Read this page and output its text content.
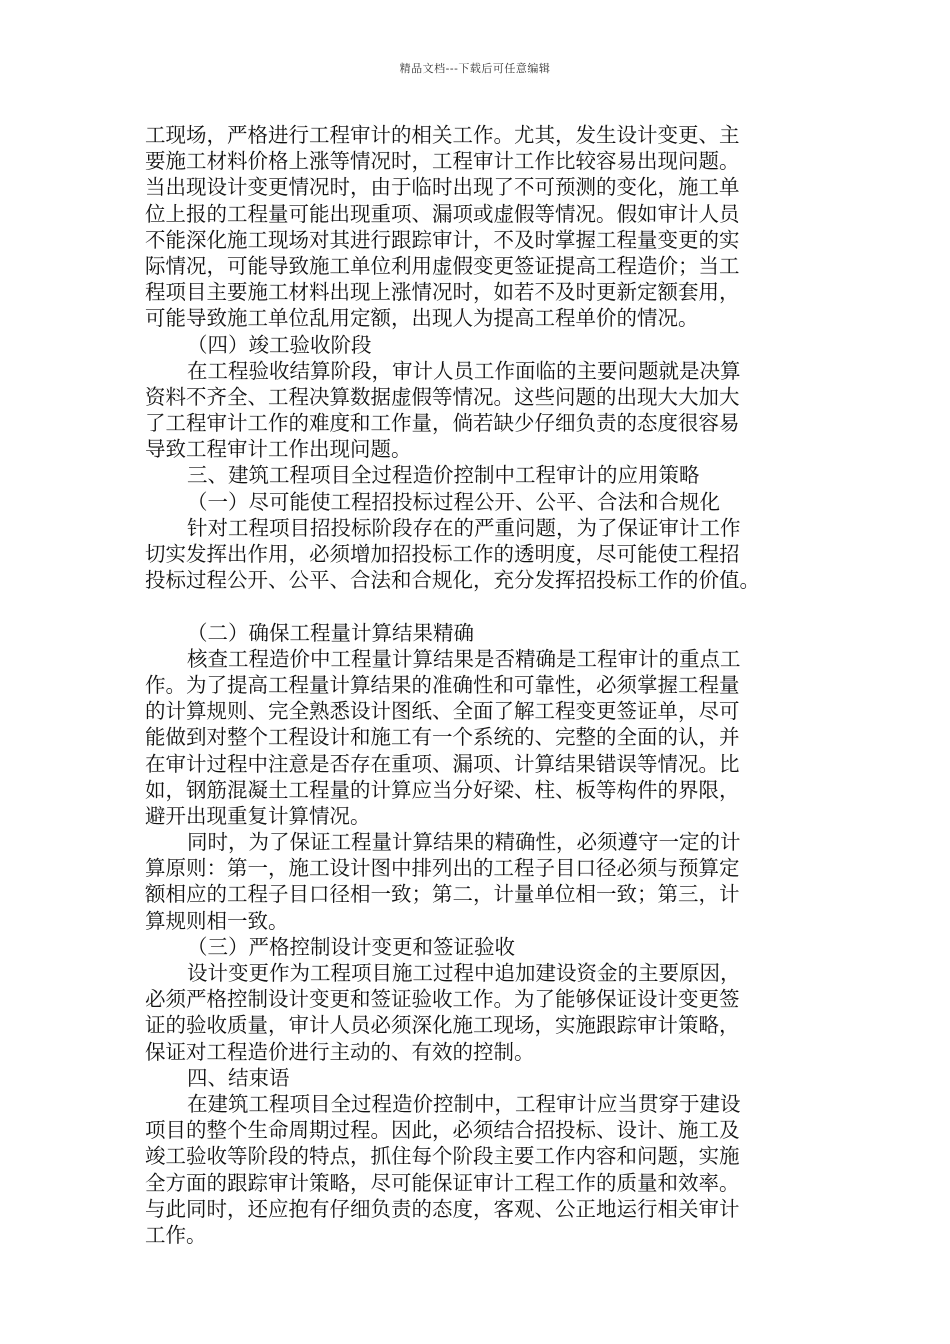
精品文档---下载后可任意编辑
工现场，严格进行工程审计的相关工作。尤其，发生设计变更、主
要施工材料价格上涨等情况时，工程审计工作比较容易出现问题。
当出现设计变更情况时，由于临时出现了不可预测的变化，施工单
位上报的工程量可能出现重项、漏项或虚假等情况。假如审计人员
不能深化施工现场对其进行跟踪审计，不及时掌握工程量变更的实
际情况，可能导致施工单位利用虚假变更签证提高工程造价；当工
程项目主要施工材料出现上涨情况时，如若不及时更新定额套用，
可能导致施工单位乱用定额，出现人为提高工程单价的情况。
（四）竣工验收阶段
在工程验收结算阶段，审计人员工作面临的主要问题就是决算
资料不齐全、工程决算数据虚假等情况。这些问题的出现大大加大
了工程审计工作的难度和工作量，倘若缺少仔细负责的态度很容易
导致工程审计工作出现问题。
三、建筑工程项目全过程造价控制中工程审计的应用策略
（一）尽可能使工程招投标过程公开、公平、合法和合规化
针对工程项目招投标阶段存在的严重问题，为了保证审计工作
切实发挥出作用，必须增加招投标工作的透明度，尽可能使工程招
投标过程公开、公平、合法和合规化，充分发挥招投标工作的价值。
（二）确保工程量计算结果精确
核查工程造价中工程量计算结果是否精确是工程审计的重点工
作。为了提高工程量计算结果的准确性和可靠性，必须掌握工程量
的计算规则、完全熟悉设计图纸、全面了解工程变更签证单，尽可
能做到对整个工程设计和施工有一个系统的、完整的全面的认，并
在审计过程中注意是否存在重项、漏项、计算结果错误等情况。比
如，钢筋混凝土工程量的计算应当分好梁、柱、板等构件的界限，
避开出现重复计算情况。
同时，为了保证工程量计算结果的精确性，必须遵守一定的计
算原则：第一，施工设计图中排列出的工程子目口径必须与预算定
额相应的工程子目口径相一致；第二，计量单位相一致；第三，计
算规则相一致。
（三）严格控制设计变更和签证验收
设计变更作为工程项目施工过程中追加建设资金的主要原因，
必须严格控制设计变更和签证验收工作。为了能够保证设计变更签
证的验收质量，审计人员必须深化施工现场，实施跟踪审计策略，
保证对工程造价进行主动的、有效的控制。
四、结束语
在建筑工程项目全过程造价控制中，工程审计应当贯穿于建设
项目的整个生命周期过程。因此，必须结合招投标、设计、施工及
竣工验收等阶段的特点，抓住每个阶段主要工作内容和问题，实施
全方面的跟踪审计策略，尽可能保证审计工程工作的质量和效率。
与此同时，还应抱有仔细负责的态度，客观、公正地运行相关审计
工作。
